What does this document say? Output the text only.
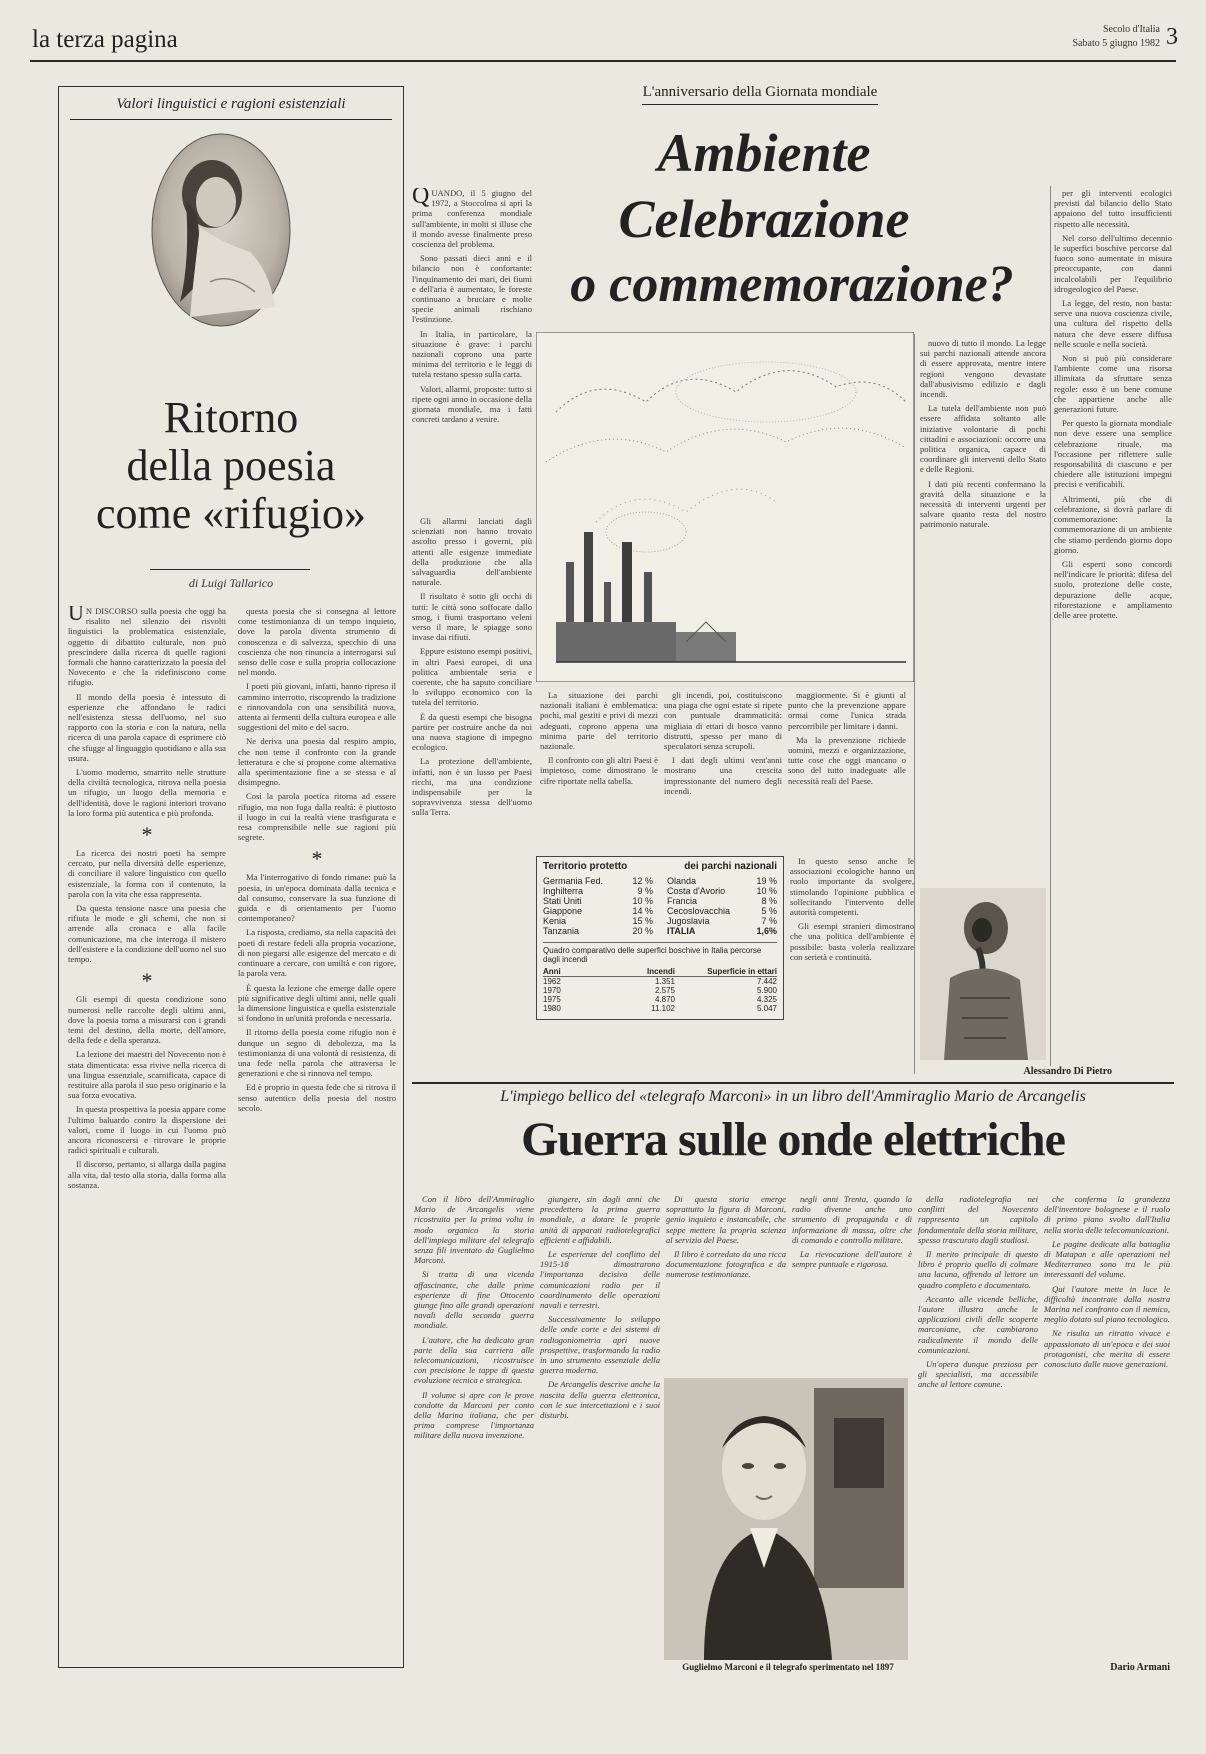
la terza pagina	Secolo d'Italia
Sabato 5 giugno 1982 3
Valori linguistici e ragioni esistenziali
Ritorno
della poesia
come «rifugio»
di Luigi Tallarico

U N DISCORSO sulla poesia che oggi ha risalito nel silenzio dei risvolti linguistici la problematica esistenziale, oggetto di dibattito culturale, non può prescindere dalla ricerca di quelle ragioni formali che hanno caratterizzato la poesia del Novecento e che la ridefiniscono come rifugio.

Il mondo della poesia è intessuto di esperienze che affondano le radici nell'esistenza stessa dell'uomo, nel suo rapporto con la storia e con la natura, nella ricerca di una parola capace di esprimere ciò che sfugge al linguaggio quotidiano e alla sua usura.

L'uomo moderno, smarrito nelle strutture della civiltà tecnologica, ritrova nella poesia un rifugio, un luogo della memoria e dell'identità, dove le ragioni interiori trovano la loro forma più autentica e più profonda.

*

La ricerca dei nostri poeti ha sempre cercato, pur nella diversità delle esperienze, di conciliare il valore linguistico con quello esistenziale, la forma con il contenuto, la parola con la vita che essa rappresenta.

Da questa tensione nasce una poesia che rifiuta le mode e gli schemi, che non si arrende alla cronaca e alla facile comunicazione, ma che interroga il mistero dell'esistere e la condizione dell'uomo nel suo tempo.

*

Gli esempi di questa condizione sono numerosi nelle raccolte degli ultimi anni, dove la poesia torna a misurarsi con i grandi temi del destino, della morte, dell'amore, della fede e della speranza.

La lezione dei maestri del Novecento non è stata dimenticata: essa rivive nella ricerca di una lingua essenziale, scarnificata, capace di restituire alla parola il suo peso originario e la sua forza evocativa.

In questa prospettiva la poesia appare come l'ultimo baluardo contro la dispersione dei valori, come il luogo in cui l'uomo può ancora riconoscersi e ritrovare le proprie radici spirituali e culturali.

Il discorso, pertanto, si allarga dalla pagina alla vita, dal testo alla storia, dalla forma alla sostanza.

questa poesia che si consegna al lettore come testimonianza di un tempo inquieto, dove la parola diventa strumento di conoscenza e di salvezza, specchio di una coscienza che non rinuncia a interrogarsi sul senso delle cose e sulla propria collocazione nel mondo.

I poeti più giovani, infatti, hanno ripreso il cammino interrotto, riscoprendo la tradizione e rinnovandola con una sensibilità nuova, attenta ai fermenti della cultura europea e alle suggestioni del mito e del sacro.

Ne deriva una poesia dal respiro ampio, che non teme il confronto con la grande letteratura e che si propone come alternativa alla sperimentazione fine a se stessa e al disimpegno.

Così la parola poetica ritorna ad essere rifugio, ma non fuga dalla realtà: è piuttosto il luogo in cui la realtà viene trasfigurata e resa comprensibile nelle sue ragioni più segrete.

*

Ma l'interrogativo di fondo rimane: può la poesia, in un'epoca dominata dalla tecnica e dal consumo, conservare la sua funzione di guida e di orientamento per l'uomo contemporaneo?

La risposta, crediamo, sta nella capacità dei poeti di restare fedeli alla propria vocazione, di non piegarsi alle esigenze del mercato e di continuare a cercare, con umiltà e con rigore, la parola vera.

È questa la lezione che emerge dalle opere più significative degli ultimi anni, nelle quali la dimensione linguistica e quella esistenziale si fondono in un'unità profonda e necessaria.

Il ritorno della poesia come rifugio non è dunque un segno di debolezza, ma la testimonianza di una volontà di resistenza, di una fede nella parola che attraversa le generazioni e che si rinnova nel tempo.

Ed è proprio in questa fede che si ritrova il senso autentico della poesia del nostro secolo.

L'anniversario della Giornata mondiale
Ambiente
Celebrazione
o commemorazione?

QUANDO, il 5 giugno del 1972, a Stoccolma si aprì la prima conferenza mondiale sull'ambiente, in molti si illuse che il mondo avesse finalmente preso coscienza del problema.

Sono passati dieci anni e il bilancio non è confortante: l'inquinamento dei mari, dei fiumi e dell'aria è aumentato, le foreste continuano a bruciare e molte specie animali rischiano l'estinzione.

In Italia, in particolare, la situazione è grave: i parchi nazionali coprono una parte minima del territorio e le leggi di tutela restano spesso sulla carta.

Valori, allarmi, proposte: tutto si ripete ogni anno in occasione della giornata mondiale, ma i fatti concreti tardano a venire.

nuovo di tutto il mondo. La legge sui parchi nazionali attende ancora di essere approvata, mentre intere regioni vengono devastate dall'abusivismo edilizio e dagli incendi.

La tutela dell'ambiente non può essere affidata soltanto alle iniziative volontarie di pochi cittadini e associazioni: occorre una politica organica, capace di coordinare gli interventi dello Stato e delle Regioni.

I dati più recenti confermano la gravità della situazione e la necessità di interventi urgenti per salvare quanto resta del nostro patrimonio naturale.

per gli interventi ecologici previsti dal bilancio dello Stato appaiono del tutto insufficienti rispetto alle necessità.

Nel corso dell'ultimo decennio le superfici boschive percorse dal fuoco sono aumentate in misura preoccupante, con danni incalcolabili per l'equilibrio idrogeologico del Paese.

La legge, del resto, non basta: serve una nuova coscienza civile, una cultura del rispetto della natura che deve essere diffusa nelle scuole e nella società.

Non si può più considerare l'ambiente come una risorsa illimitata da sfruttare senza regole: esso è un bene comune che appartiene anche alle generazioni future.

Per questo la giornata mondiale non deve essere una semplice celebrazione rituale, ma l'occasione per riflettere sulle responsabilità di ciascuno e per chiedere alle istituzioni impegni precisi e verificabili.

Altrimenti, più che di celebrazione, si dovrà parlare di commemorazione: la commemorazione di un ambiente che stiamo perdendo giorno dopo giorno.

Gli esperti sono concordi nell'indicare le priorità: difesa del suolo, protezione delle coste, depurazione delle acque, riforestazione e ampliamento delle aree protette.

Gli allarmi lanciati dagli scienziati non hanno trovato ascolto presso i governi, più attenti alle esigenze immediate della produzione che alla salvaguardia dell'ambiente naturale.

Il risultato è sotto gli occhi di tutti: le città sono soffocate dallo smog, i fiumi trasportano veleni verso il mare, le spiagge sono invase dai rifiuti.

Eppure esistono esempi positivi, in altri Paesi europei, di una politica ambientale seria e coerente, che ha saputo conciliare lo sviluppo economico con la tutela del territorio.

È da questi esempi che bisogna partire per costruire anche da noi una nuova stagione di impegno ecologico.

La protezione dell'ambiente, infatti, non è un lusso per Paesi ricchi, ma una condizione indispensabile per la sopravvivenza stessa dell'uomo sulla Terra.

La situazione dei parchi nazionali italiani è emblematica: pochi, mal gestiti e privi di mezzi adeguati, coprono appena una minima parte del territorio nazionale.

Il confronto con gli altri Paesi è impietoso, come dimostrano le cifre riportate nella tabella.

gli incendi, poi, costituiscono una piaga che ogni estate si ripete con puntuale drammaticità: migliaia di ettari di bosco vanno distrutti, spesso per mano di speculatori senza scrupoli.

I dati degli ultimi vent'anni mostrano una crescita impressionante del numero degli incendi.

maggiormente. Si è giunti al punto che la prevenzione appare ormai come l'unica strada percorribile per limitare i danni.

Ma la prevenzione richiede uomini, mezzi e organizzazione, tutte cose che oggi mancano o sono del tutto inadeguate alle necessità reali del Paese.

Territorio protetto	dei parchi nazionali
Germania Fed.	12 %
Inghilterra	9 %
Stati Uniti	10 %
Giappone	14 %
Kenia	15 %
Tanzania	20 %
Olanda	19 %
Costa d'Avorio	10 %
Francia	8 %
Cecoslovacchia	5 %
Jugoslavia	7 %
ITALIA	1,6%
Quadro comparativo delle superfici boschive in Italia percorse dagli incendi
Anni	Incendi	Superficie in ettari
1962	1.351	7.442
1970	2.575	5.900
1975	4.870	4.325
1980	11.102	5.047

In questo senso anche le associazioni ecologiche hanno un ruolo importante da svolgere, stimolando l'opinione pubblica e sollecitando l'intervento delle autorità competenti.

Gli esempi stranieri dimostrano che una politica dell'ambiente è possibile: basta volerla realizzare con serietà e continuità.

Alessandro Di Pietro
L'impiego bellico del «telegrafo Marconi» in un libro dell'Ammiraglio Mario de Arcangelis
Guerra sulle onde elettriche

Con il libro dell'Ammiraglio Mario de Arcangelis viene ricostruita per la prima volta in modo organico la storia dell'impiego militare del telegrafo senza fili inventato da Guglielmo Marconi.

Si tratta di una vicenda affascinante, che dalle prime esperienze di fine Ottocento giunge fino alle grandi operazioni navali della seconda guerra mondiale.

L'autore, che ha dedicato gran parte della sua carriera alle telecomunicazioni, ricostruisce con precisione le tappe di questa evoluzione tecnica e strategica.

Il volume si apre con le prove condotte da Marconi per conto della Marina italiana, che per prima comprese l'importanza militare della nuova invenzione.

giungere, sin dagli anni che precedettero la prima guerra mondiale, a dotare le proprie unità di apparati radiotelegrafici efficienti e affidabili.

Le esperienze del conflitto del 1915-18 dimostrarono l'importanza decisiva delle comunicazioni radio per il coordinamento delle operazioni navali e terrestri.

Successivamente lo sviluppo delle onde corte e dei sistemi di radiogoniometria aprì nuove prospettive, trasformando la radio in uno strumento essenziale della guerra moderna.

De Arcangelis descrive anche la nascita della guerra elettronica, con le sue intercettazioni e i suoi disturbi.

Di questa storia emerge soprattutto la figura di Marconi, genio inquieto e instancabile, che seppe mettere la propria scienza al servizio del Paese.

Il libro è corredato da una ricca documentazione fotografica e da numerose testimonianze.

negli anni Trenta, quando la radio divenne anche uno strumento di propaganda e di informazione di massa, oltre che di comando e controllo militare.

La rievocazione dell'autore è sempre puntuale e rigorosa.

della radiotelegrafia nei conflitti del Novecento rappresenta un capitolo fondamentale della storia militare, spesso trascurato dagli studiosi.

Il merito principale di questo libro è proprio quello di colmare una lacuna, offrendo al lettore un quadro completo e documentato.

Accanto alle vicende belliche, l'autore illustra anche le applicazioni civili delle scoperte marconiane, che cambiarono radicalmente il mondo delle comunicazioni.

Un'opera dunque preziosa per gli specialisti, ma accessibile anche al lettore comune.

che conferma la grandezza dell'inventore bolognese e il ruolo di primo piano svolto dall'Italia nella storia delle telecomunicazioni.

Le pagine dedicate alla battaglia di Matapan e alle operazioni nel Mediterraneo sono tra le più interessanti del volume.

Qui l'autore mette in luce le difficoltà incontrate dalla nostra Marina nel confronto con il nemico, meglio dotato sul piano tecnologico.

Ne risulta un ritratto vivace e appassionato di un'epoca e dei suoi protagonisti, che merita di essere conosciuto dalle nuove generazioni.

Guglielmo Marconi e il telegrafo sperimentato nel 1897	Dario Armani
